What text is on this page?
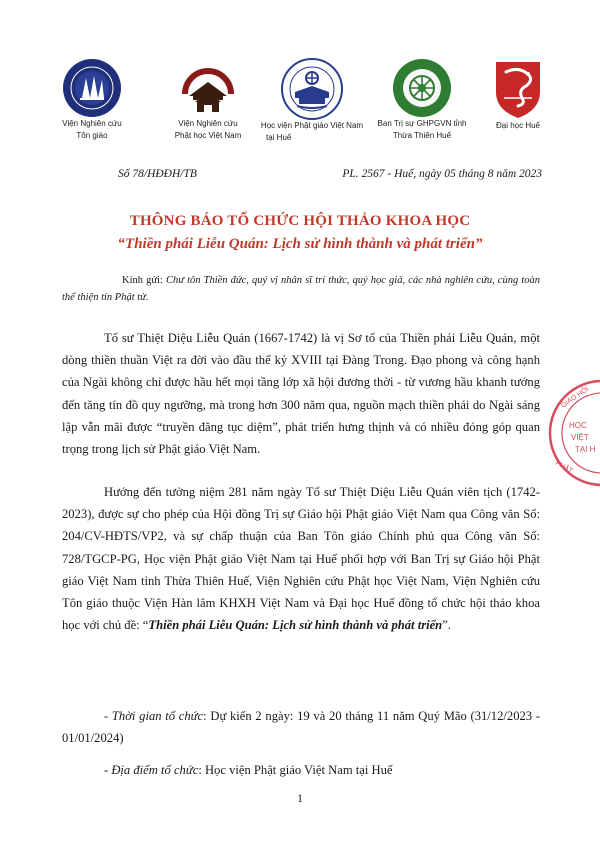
Viện Nghiên cứu
Tôn giáo
Viện Nghiên cứu
Phật học Việt Nam
Học viện Phật giáo Việt Nam
tại Huế
Ban Trị sự GHPGVN tỉnh
Thừa Thiên Huế
Đại học Huế
Số 78/HĐĐH/TB	PL. 2567 - Huế, ngày 05 tháng 8 năm 2023
THÔNG BÁO TỔ CHỨC HỘI THẢO KHOA HỌC
“Thiền phái Liễu Quán: Lịch sử hình thành và phát triển”
Kính gửi: Chư tôn Thiền đức, quý vị nhân sĩ trí thức, quý học giả, các nhà nghiên cứu, cùng toàn thể thiện tín Phật tử.

Tổ sư Thiệt Diệu Liễu Quán (1667-1742) là vị Sơ tổ của Thiền phái Liễu Quán, một dòng thiền thuần Việt ra đời vào đầu thế kỷ XVIII tại Đàng Trong. Đạo phong và công hạnh của Ngài không chỉ được hầu hết mọi tầng lớp xã hội đương thời - từ vương hầu khanh tướng đến tăng tín đồ quy ngưỡng, mà trong hơn 300 năm qua, nguồn mạch thiền phái do Ngài sáng lập vẫn mãi được “truyền đăng tục diệm”, phát triển hưng thịnh và có nhiều đóng góp quan trọng trong lịch sử Phật giáo Việt Nam.

Hướng đến tưởng niệm 281 năm ngày Tổ sư Thiệt Diệu Liễu Quán viên tịch (1742-2023), được sự cho phép của Hội đồng Trị sự Giáo hội Phật giáo Việt Nam qua Công văn Số: 204/CV-HĐTS/VP2, và sự chấp thuận của Ban Tôn giáo Chính phủ qua Công văn Số: 728/TGCP-PG, Học viện Phật giáo Việt Nam tại Huế phối hợp với Ban Trị sự Giáo hội Phật giáo Việt Nam tỉnh Thừa Thiên Huế, Viện Nghiên cứu Phật học Việt Nam, Viện Nghiên cứu Tôn giáo thuộc Viện Hàn lâm KHXH Việt Nam và Đại học Huế đồng tổ chức hội thảo khoa học với chủ đề: “Thiền phái Liễu Quán: Lịch sử hình thành và phát triển”.

- Thời gian tổ chức: Dự kiến 2 ngày: 19 và 20 tháng 11 năm Quý Mão (31/12/2023 - 01/01/2024)
- Địa điểm tổ chức: Học viện Phật giáo Việt Nam tại Huế
1
HỌC
VIỆT
TẠI H
GIÁO HỘI
PHẬT
